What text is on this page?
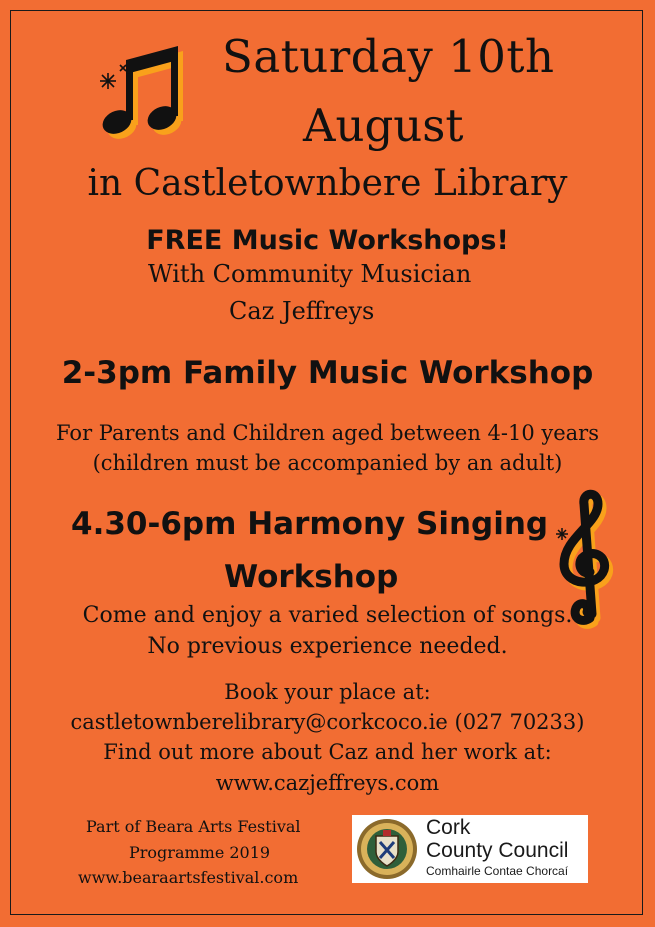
Saturday 10th
August
in Castletownbere Library
FREE Music Workshops!
With Community Musician
Caz Jeffreys
2-3pm Family Music Workshop
For Parents and Children aged between 4-10 years
(children must be accompanied by an adult)
4.30-6pm Harmony Singing
Workshop
Come and enjoy a varied selection of songs.
No previous experience needed.
Book your place at:
castletownberelibrary@corkcoco.ie (027 70233)
Find out more about Caz and her work at:
www.cazjeffreys.com
Part of Beara Arts Festival
Programme 2019
www.bearaartsfestival.com
Cork
County Council
Comhairle Contae Chorcaí
